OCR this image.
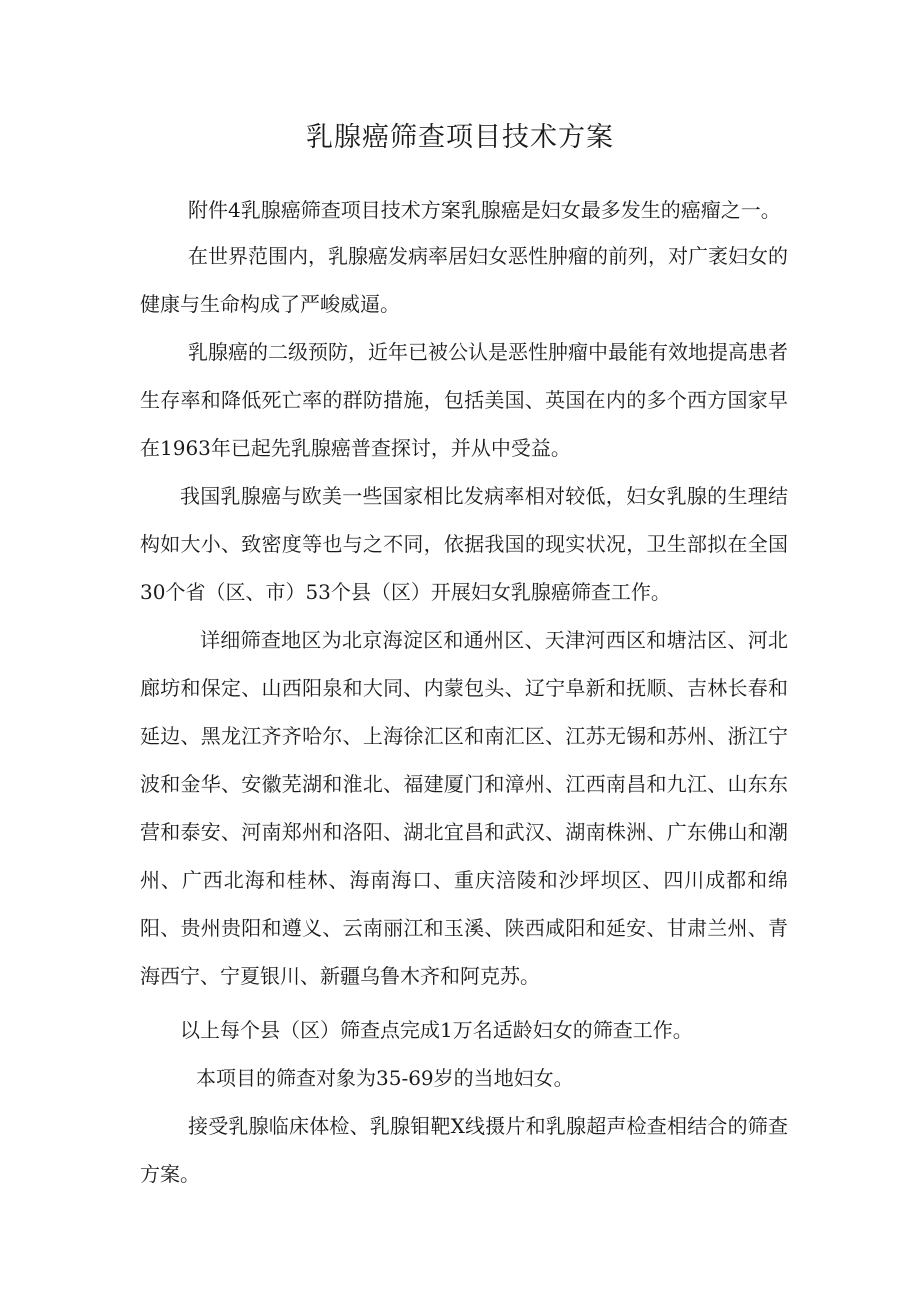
乳腺癌筛查项目技术方案

附件4乳腺癌筛查项目技术方案乳腺癌是妇女最多发生的癌瘤之一。

在世界范围内，乳腺癌发病率居妇女恶性肿瘤的前列，对广袤妇女的健康与生命构成了严峻威逼。

乳腺癌的二级预防，近年已被公认是恶性肿瘤中最能有效地提高患者生存率和降低死亡率的群防措施，包括美国、英国在内的多个西方国家早在1963年已起先乳腺癌普查探讨，并从中受益。

我国乳腺癌与欧美一些国家相比发病率相对较低，妇女乳腺的生理结构如大小、致密度等也与之不同，依据我国的现实状况，卫生部拟在全国30个省（区、市）53个县（区）开展妇女乳腺癌筛查工作。

详细筛查地区为北京海淀区和通州区、天津河西区和塘沽区、河北廊坊和保定、山西阳泉和大同、内蒙包头、辽宁阜新和抚顺、吉林长春和延边、黑龙江齐齐哈尔、上海徐汇区和南汇区、江苏无锡和苏州、浙江宁波和金华、安徽芜湖和淮北、福建厦门和漳州、江西南昌和九江、山东东营和泰安、河南郑州和洛阳、湖北宜昌和武汉、湖南株洲、广东佛山和潮州、广西北海和桂林、海南海口、重庆涪陵和沙坪坝区、四川成都和绵阳、贵州贵阳和遵义、云南丽江和玉溪、陕西咸阳和延安、甘肃兰州、青海西宁、宁夏银川、新疆乌鲁木齐和阿克苏。

以上每个县（区）筛查点完成1万名适龄妇女的筛查工作。

本项目的筛查对象为35-69岁的当地妇女。

接受乳腺临床体检、乳腺钼靶X线摄片和乳腺超声检查相结合的筛查方案。
